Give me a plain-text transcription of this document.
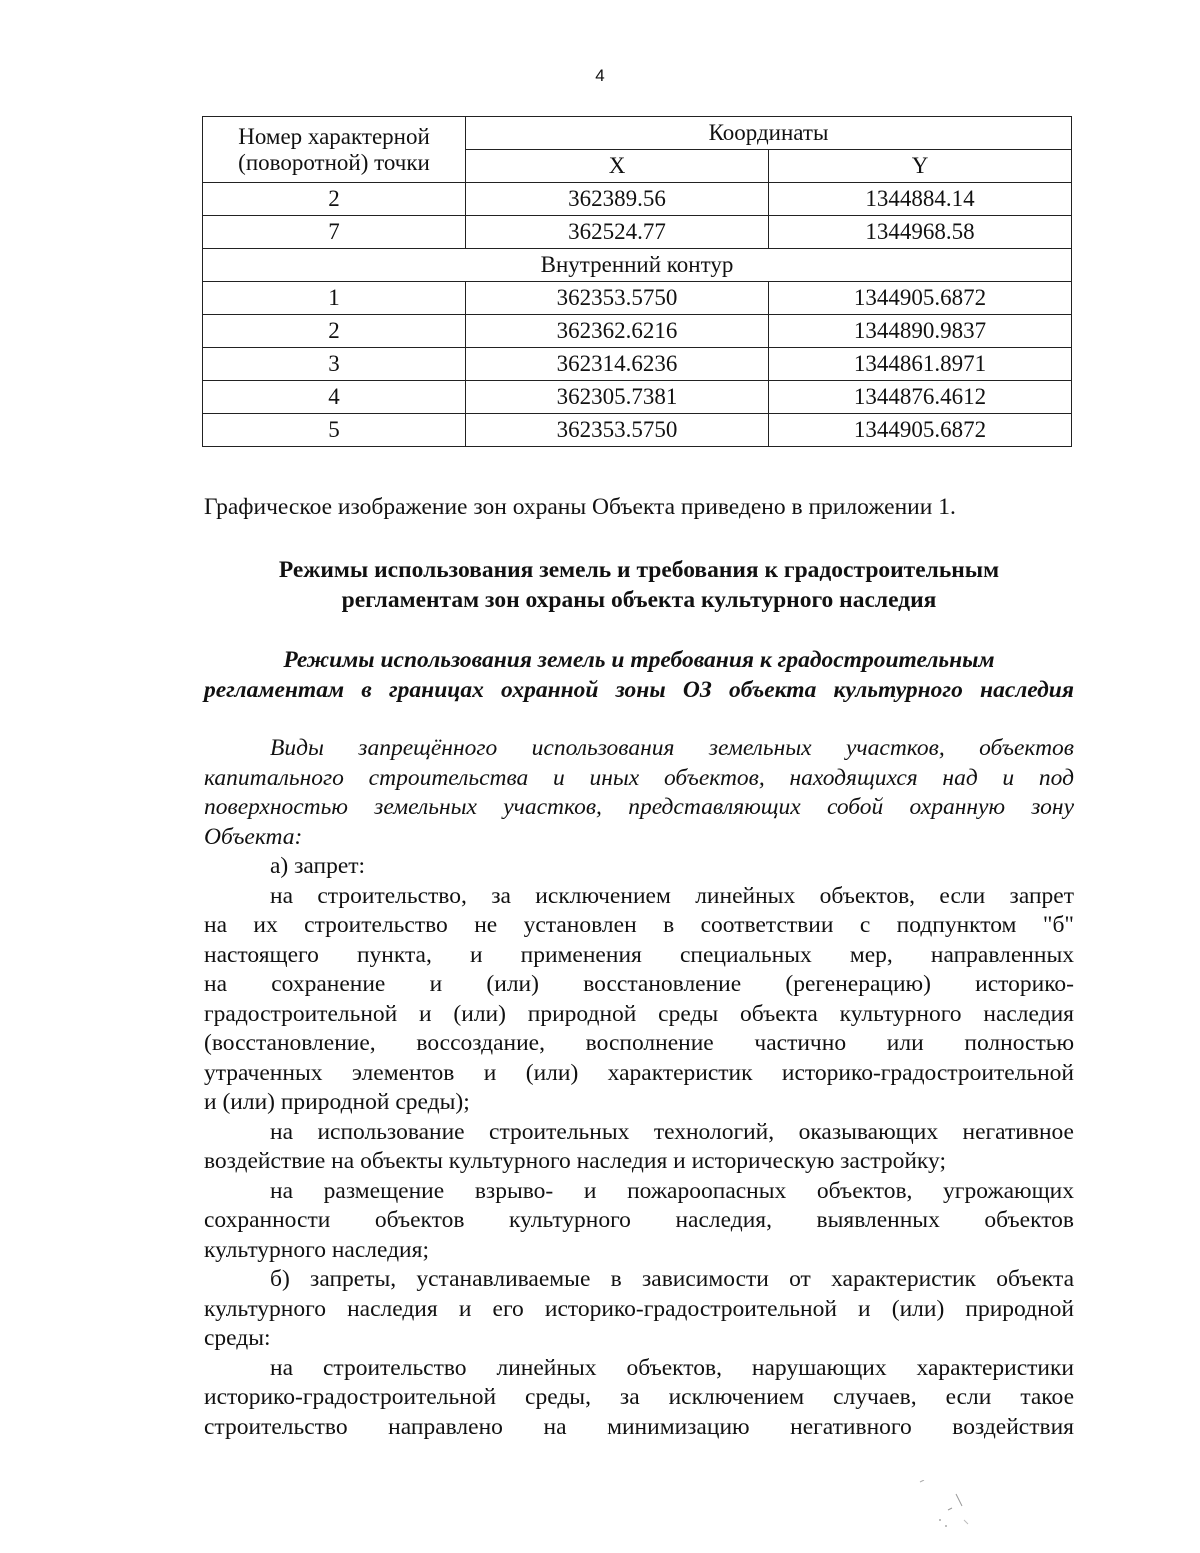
4
Номер характерной
(поворотной) точки	Координаты	
	X	Y
2	362389.56	1344884.14
7	362524.77	1344968.58
Внутренний контур		
1	362353.5750	1344905.6872
2	362362.6216	1344890.9837
3	362314.6236	1344861.8971
4	362305.7381	1344876.4612
5	362353.5750	1344905.6872
Графическое изображение зон охраны Объекта приведено в приложении 1.
Режимы использования земель и требования к градостроительным
регламентам зон охраны объекта культурного наследия
Режимы использования земель и требования к градостроительным
регламентам в границах охранной зоны ОЗ объекта культурного наследия
Виды запрещённого использования земельных участков, объектов
капитального строительства и иных объектов, находящихся над и под
поверхностью земельных участков, представляющих собой охранную зону
Объекта:
а) запрет:
на строительство, за исключением линейных объектов, если запрет
на их строительство не установлен в соответствии с подпунктом "б"
настоящего пункта, и применения специальных мер, направленных
на сохранение и (или) восстановление (регенерацию) историко-
градостроительной и (или) природной среды объекта культурного наследия
(восстановление, воссоздание, восполнение частично или полностью
утраченных элементов и (или) характеристик историко-градостроительной
и (или) природной среды);
на использование строительных технологий, оказывающих негативное
воздействие на объекты культурного наследия и историческую застройку;
на размещение взрыво- и пожароопасных объектов, угрожающих
сохранности объектов культурного наследия, выявленных объектов
культурного наследия;
б) запреты, устанавливаемые в зависимости от характеристик объекта
культурного наследия и его историко-градостроительной и (или) природной
среды:
на строительство линейных объектов, нарушающих характеристики
историко-градостроительной среды, за исключением случаев, если такое
строительство направлено на минимизацию негативного воздействия
